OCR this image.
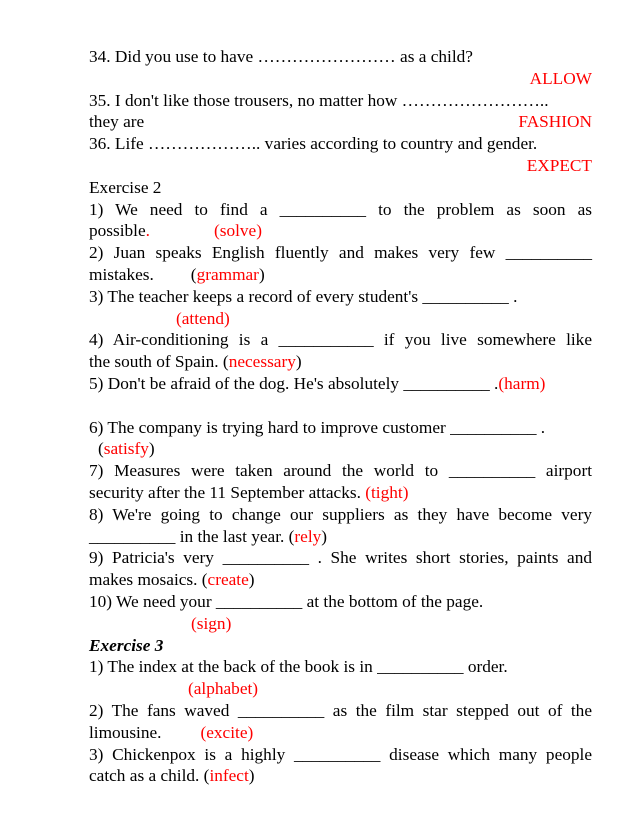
34. Did you use to have …………………… as a child?
ALLOW
35. I don't like those trousers, no matter how ……………………..
they are	FASHION
36. Life ……………….. varies according to country and gender.
EXPECT
Exercise 2
1) We need to find a __________ to the problem as soon as
possible.	(solve)
2) Juan speaks English fluently and makes very few __________
mistakes. (grammar)
3) The teacher keeps a record of every student's __________ .
(attend)
4) Air-conditioning is a ___________ if you live somewhere like
the south of Spain. (necessary)
5) Don't be afraid of the dog. He's absolutely __________ .(harm)
6) The company is trying hard to improve customer __________ .
(satisfy)
7) Measures were taken around the world to __________ airport
security after the 11 September attacks. (tight)
8) We're going to change our suppliers as they have become very
__________ in the last year. (rely)
9) Patricia's very __________ . She writes short stories, paints and
makes mosaics. (create)
10) We need your __________ at the bottom of the page.
(sign)
Exercise 3
1) The index at the back of the book is in __________ order.
(alphabet)
2) The fans waved __________ as the film star stepped out of the
limousine. (excite)
3) Chickenpox is a highly __________ disease which many people
catch as a child. (infect)
